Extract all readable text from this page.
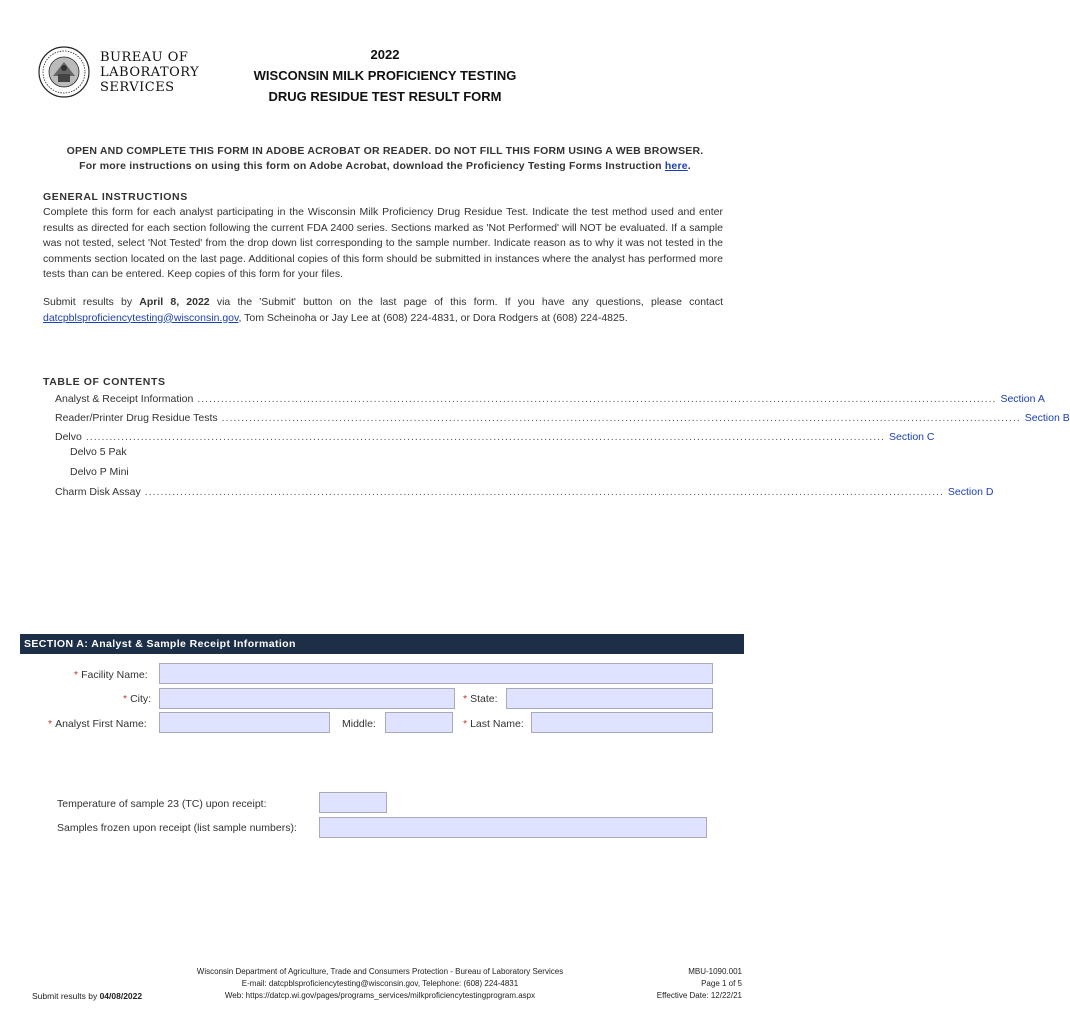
BUREAU OF
LABORATORY
SERVICES
2022
WISCONSIN MILK PROFICIENCY TESTING
DRUG RESIDUE TEST RESULT FORM
OPEN AND COMPLETE THIS FORM IN ADOBE ACROBAT OR READER. DO NOT FILL THIS FORM USING A WEB BROWSER.
For more instructions on using this form on Adobe Acrobat, download the Proficiency Testing Forms Instruction here.
GENERAL INSTRUCTIONS
Complete this form for each analyst participating in the Wisconsin Milk Proficiency Drug Residue Test. Indicate the test method used and enter results as directed for each section following the current FDA 2400 series. Sections marked as 'Not Performed' will NOT be evaluated. If a sample was not tested, select 'Not Tested' from the drop down list corresponding to the sample number. Indicate reason as to why it was not tested in the comments section located on the last page. Additional copies of this form should be submitted in instances where the analyst has performed more tests than can be entered. Keep copies of this form for your files.
Submit results by April 8, 2022 via the 'Submit' button on the last page of this form. If you have any questions, please contact datcpblsproficiencytesting@wisconsin.gov, Tom Scheinoha or Jay Lee at (608) 224-4831, or Dora Rodgers at (608) 224-4825.
TABLE OF CONTENTS
Analyst & Receipt Information ............................................................................................................................................................................................................ Section A
Reader/Printer Drug Residue Tests ............................................................................................................................................................................................................ Section B
Delvo ............................................................................................................................................................................................................ Section C
Delvo 5 Pak
Delvo P Mini
Charm Disk Assay ............................................................................................................................................................................................................ Section D
SECTION A: Analyst & Sample Receipt Information
* Facility Name:
* City:	* State:
* Analyst First Name:	Middle:	* Last Name:
Temperature of sample 23 (TC) upon receipt:
Samples frozen upon receipt (list sample numbers):
Submit results by 04/08/2022
Wisconsin Department of Agriculture, Trade and Consumers Protection - Bureau of Laboratory Services
E-mail: datcpblsproficiencytesting@wisconsin.gov, Telephone: (608) 224-4831
Web: https://datcp.wi.gov/pages/programs_services/milkproficiencytestingprogram.aspx
MBU-1090.001
Page 1 of 5
Effective Date: 12/22/21
